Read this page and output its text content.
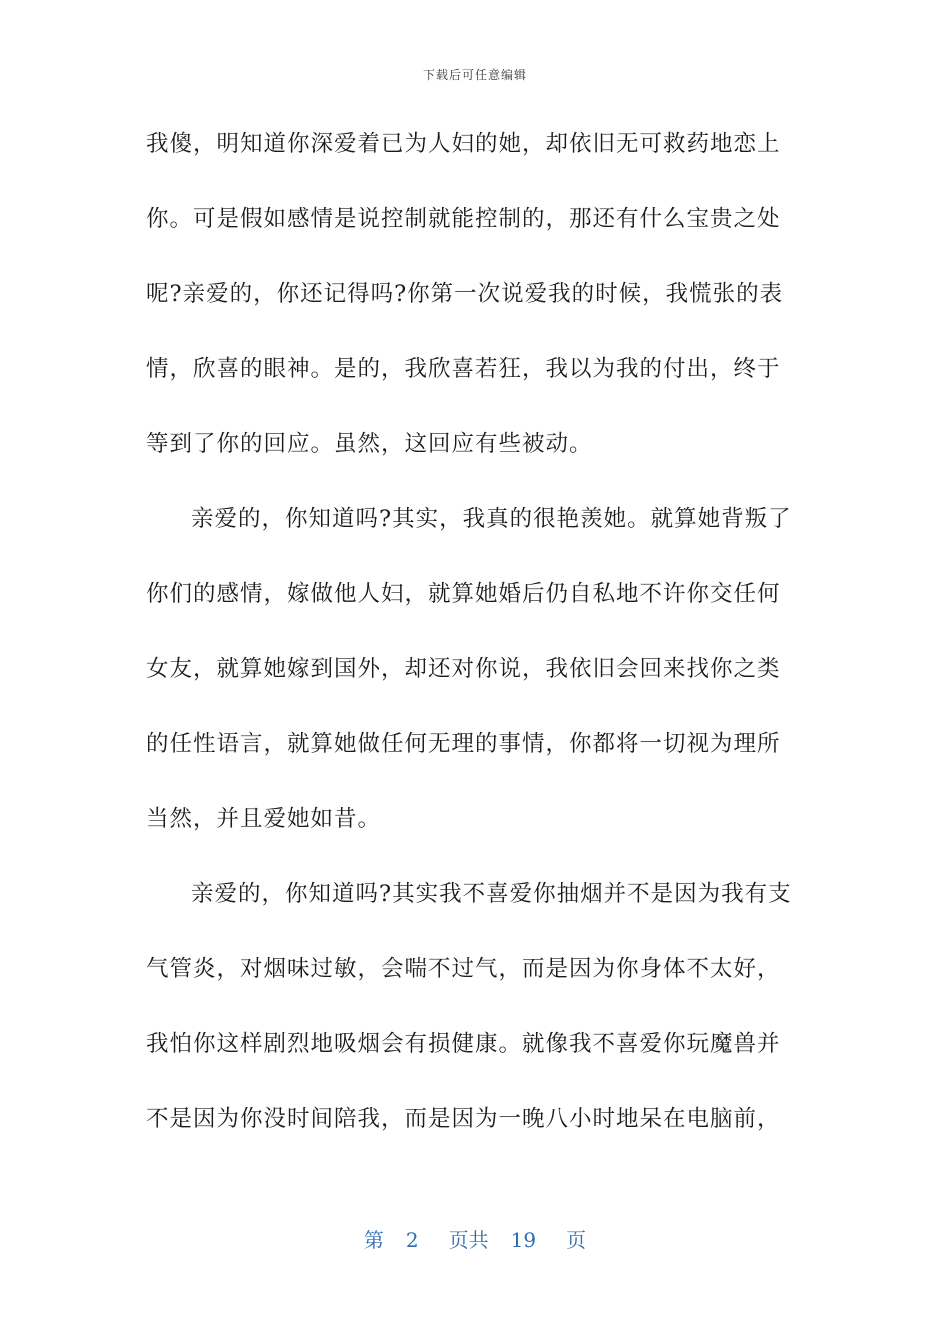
下载后可任意编辑
我傻，明知道你深爱着已为人妇的她，却依旧无可救药地恋上
你。可是假如感情是说控制就能控制的，那还有什么宝贵之处
呢?亲爱的，你还记得吗?你第一次说爱我的时候，我慌张的表
情，欣喜的眼神。是的，我欣喜若狂，我以为我的付出，终于
等到了你的回应。虽然，这回应有些被动。
亲爱的，你知道吗?其实，我真的很艳羡她。就算她背叛了
你们的感情，嫁做他人妇，就算她婚后仍自私地不许你交任何
女友，就算她嫁到国外，却还对你说，我依旧会回来找你之类
的任性语言，就算她做任何无理的事情，你都将一切视为理所
当然，并且爱她如昔。
亲爱的，你知道吗?其实我不喜爱你抽烟并不是因为我有支
气管炎，对烟味过敏，会喘不过气，而是因为你身体不太好，
我怕你这样剧烈地吸烟会有损健康。就像我不喜爱你玩魔兽并
不是因为你没时间陪我，而是因为一晚八小时地呆在电脑前，
第 2 页共 19 页
